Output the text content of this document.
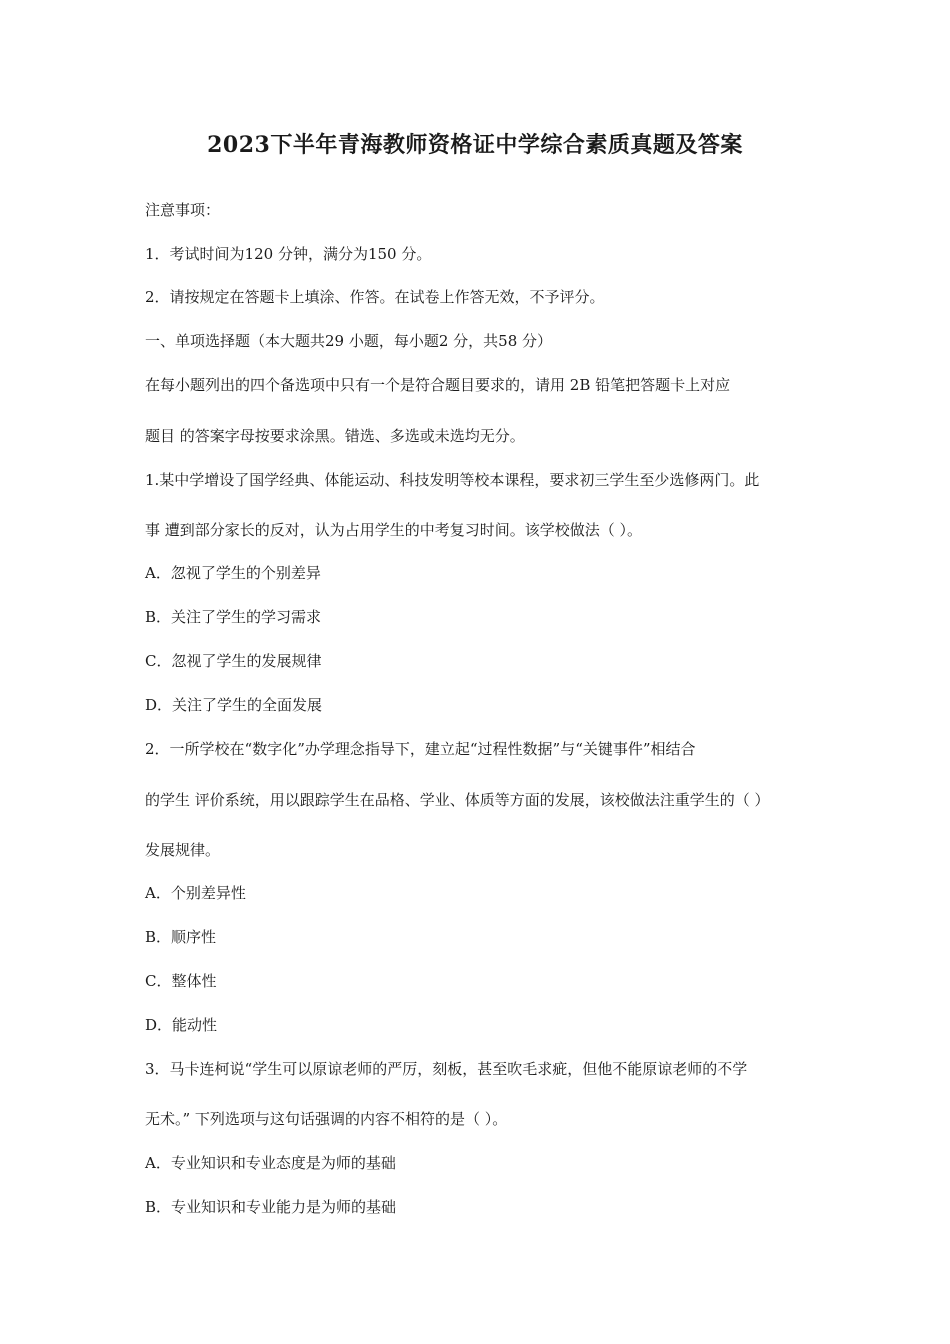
2023下半年青海教师资格证中学综合素质真题及答案
注意事项：
1．考试时间为120 分钟，满分为150 分。
2．请按规定在答题卡上填涂、作答。在试卷上作答无效，不予评分。
一、单项选择题（本大题共29 小题，每小题2 分，共58 分）
在每小题列出的四个备选项中只有一个是符合题目要求的，请用 2B 铅笔把答题卡上对应
题目 的答案字母按要求涂黑。错选、多选或未选均无分。
1.某中学增设了国学经典、体能运动、科技发明等校本课程，要求初三学生至少选修两门。此
事 遭到部分家长的反对，认为占用学生的中考复习时间。该学校做法（ ）。
A．忽视了学生的个别差异
B．关注了学生的学习需求
C．忽视了学生的发展规律
D．关注了学生的全面发展
2．一所学校在“数字化”办学理念指导下，建立起“过程性数据”与“关键事件”相结合
的学生 评价系统，用以跟踪学生在品格、学业、体质等方面的发展，该校做法注重学生的（ ）
发展规律。
A．个别差异性
B．顺序性
C．整体性
D．能动性
3．马卡连柯说“学生可以原谅老师的严厉，刻板，甚至吹毛求疵，但他不能原谅老师的不学
无术。” 下列选项与这句话强调的内容不相符的是（ ）。
A．专业知识和专业态度是为师的基础
B．专业知识和专业能力是为师的基础
